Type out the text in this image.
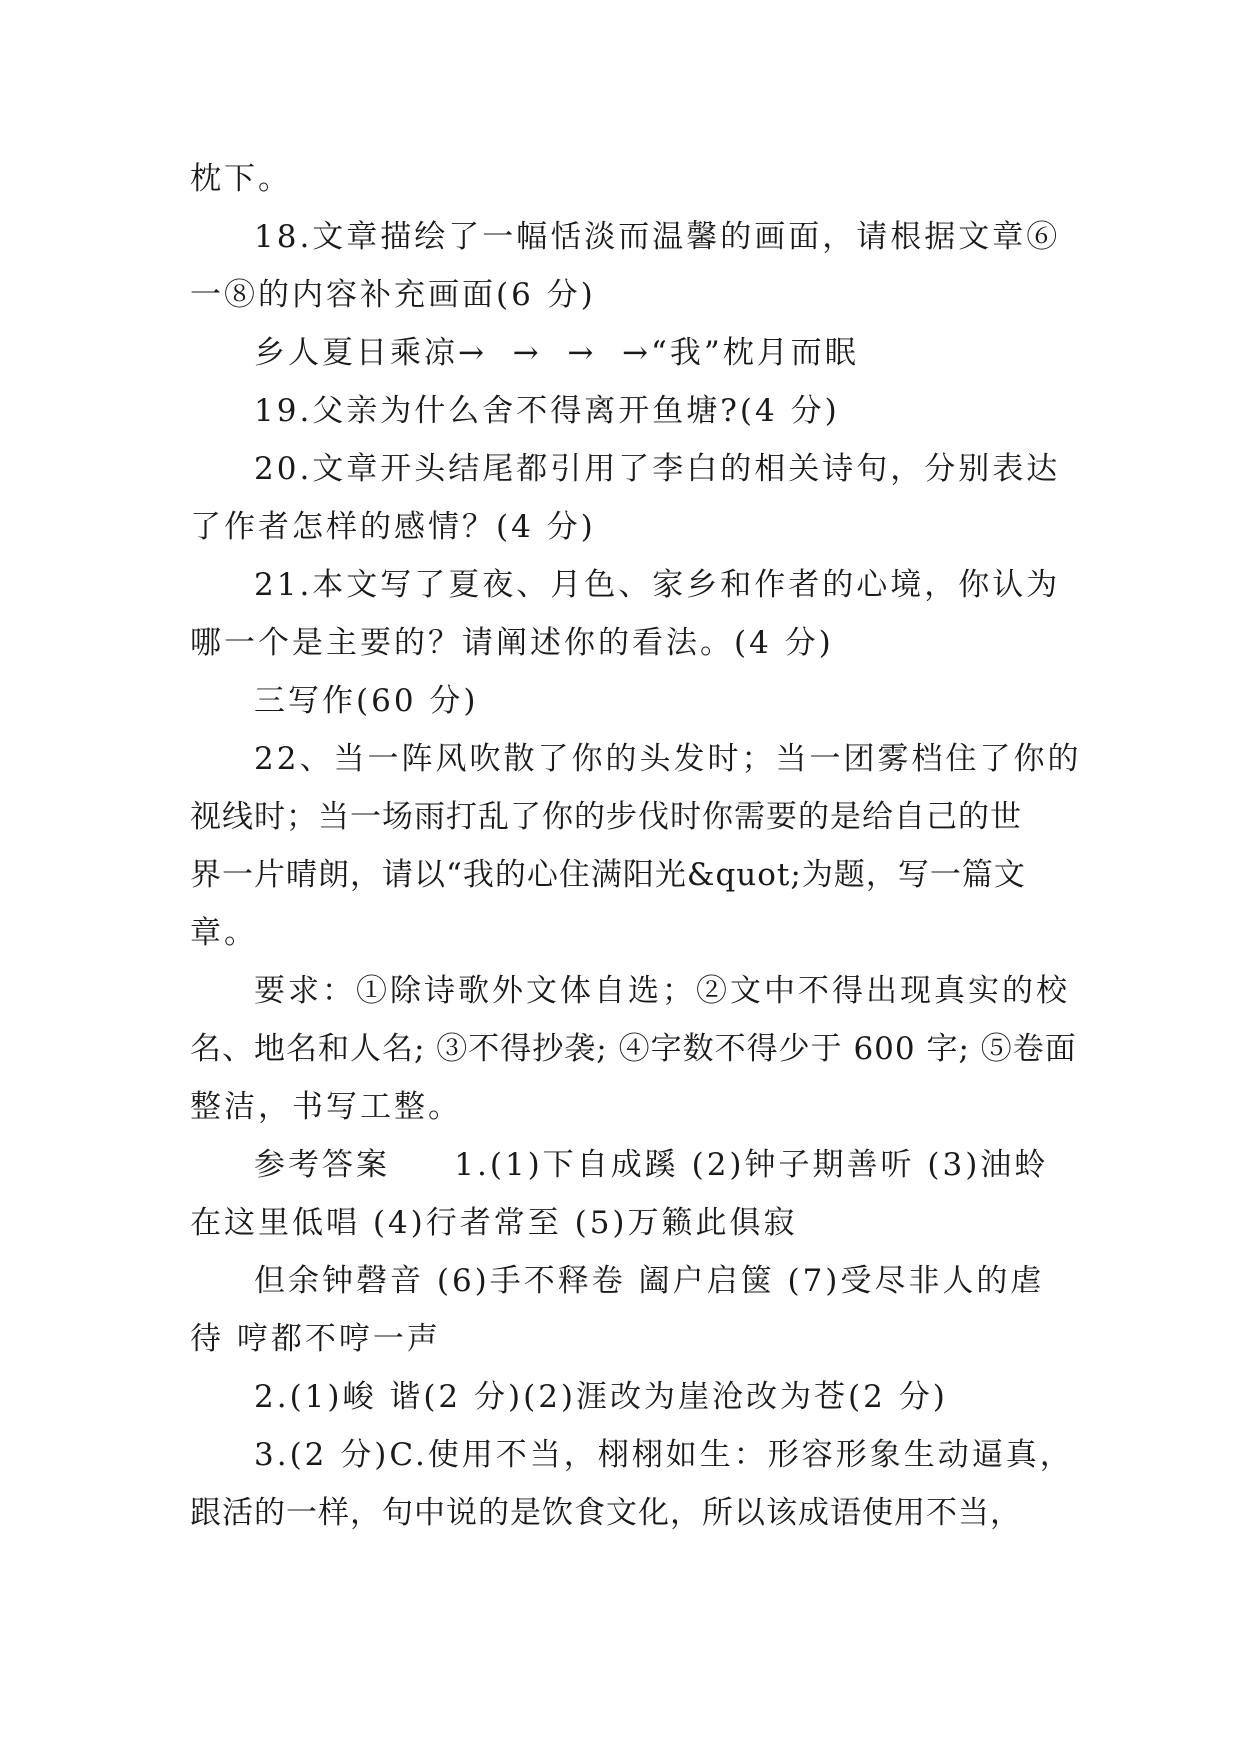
枕下。
18.文章描绘了一幅恬淡而温馨的画面，请根据文章⑥
一⑧的内容补充画面(6 分)
乡人夏日乘凉→  →  →  →“我”枕月而眠
19.父亲为什么舍不得离开鱼塘?(4 分)
20.文章开头结尾都引用了李白的相关诗句，分别表达
了作者怎样的感情？(4 分)
21.本文写了夏夜、月色、家乡和作者的心境，你认为
哪一个是主要的？请阐述你的看法。(4 分)
三写作(60 分)
22、当一阵风吹散了你的头发时；当一团雾档住了你的
视线时；当一场雨打乱了你的步伐时你需要的是给自己的世
界一片晴朗，请以“我的心住满阳光&quot;为题，写一篇文
章。
要求：①除诗歌外文体自选；②文中不得出现真实的校
名、地名和人名; ③不得抄袭; ④字数不得少于 600 字; ⑤卷面
整洁，书写工整。
参考答案     1.(1)下自成蹊 (2)钟子期善听 (3)油蛉
在这里低唱 (4)行者常至 (5)万籁此俱寂
但余钟磬音 (6)手不释卷 阖户启箧 (7)受尽非人的虐
待 哼都不哼一声
2.(1)峻 谐(2 分)(2)涯改为崖沧改为苍(2 分)
3.(2 分)C.使用不当，栩栩如生：形容形象生动逼真，
跟活的一样，句中说的是饮食文化，所以该成语使用不当，
